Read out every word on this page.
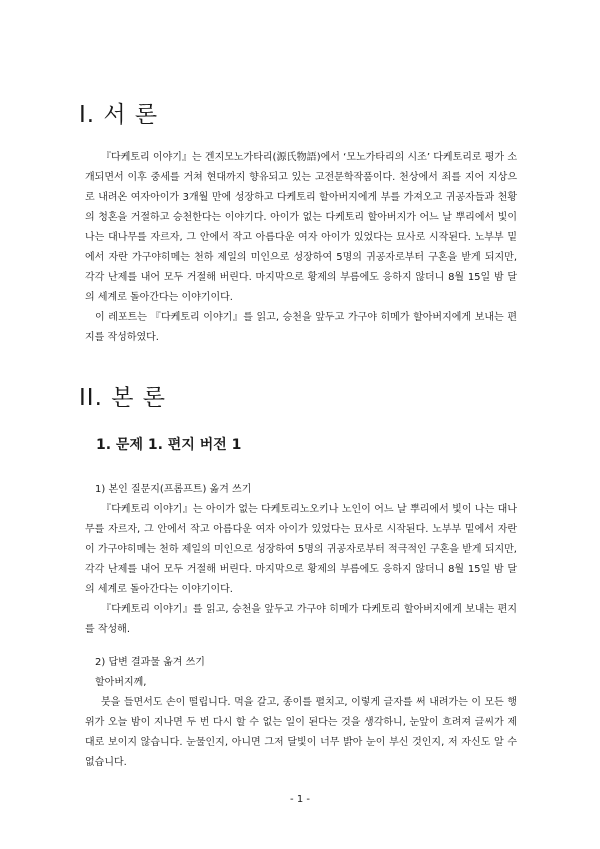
I. 서 론

『다케토리 이야기』는 겐지모노가타리(源氏物語)에서 ‘모노가타리의 시조’ 다케토리로 평가 소개되면서 이후 중세를 거쳐 현대까지 향유되고 있는 고전문학작품이다. 천상에서 죄를 지어 지상으로 내려온 여자아이가 3개월 만에 성장하고 다케토리 할아버지에게 부를 가져오고 귀공자들과 천황의 청혼을 거절하고 승천한다는 이야기다. 아이가 없는 다케토리 할아버지가 어느 날 뿌리에서 빛이 나는 대나무를 자르자, 그 안에서 작고 아름다운 여자 아이가 있었다는 묘사로 시작된다. 노부부 밑에서 자란 가구야히메는 천하 제일의 미인으로 성장하여 5명의 귀공자로부터 구혼을 받게 되지만, 각각 난제를 내어 모두 거절해 버린다. 마지막으로 황제의 부름에도 응하지 않더니 8월 15일 밤 달의 세계로 돌아간다는 이야기이다.

이 레포트는 『다케토리 이야기』를 읽고, 승천을 앞두고 가구야 히메가 할아버지에게 보내는 편지를 작성하였다.

II. 본 론
1. 문제 1. 편지 버전 1

1) 본인 질문지(프롬프트) 옮겨 쓰기

『다케토리 이야기』는 아이가 없는 다케토리노오키나 노인이 어느 날 뿌리에서 빛이 나는 대나무를 자르자, 그 안에서 작고 아름다운 여자 아이가 있었다는 묘사로 시작된다. 노부부 밑에서 자란 이 가구야히메는 천하 제일의 미인으로 성장하여 5명의 귀공자로부터 적극적인 구혼을 받게 되지만, 각각 난제를 내어 모두 거절해 버린다. 마지막으로 황제의 부름에도 응하지 않더니 8월 15일 밤 달의 세계로 돌아간다는 이야기이다.

『다케토리 이야기』를 읽고, 승천을 앞두고 가구야 히메가 다케토리 할아버지에게 보내는 편지를 작성해.

2) 답변 결과물 옮겨 쓰기

할아버지께,

붓을 들면서도 손이 떨립니다. 먹을 갈고, 종이를 펼치고, 이렇게 글자를 써 내려가는 이 모든 행위가 오늘 밤이 지나면 두 번 다시 할 수 없는 일이 된다는 것을 생각하니, 눈앞이 흐려져 글씨가 제대로 보이지 않습니다. 눈물인지, 아니면 그저 달빛이 너무 밝아 눈이 부신 것인지, 저 자신도 알 수 없습니다.

- 1 -
